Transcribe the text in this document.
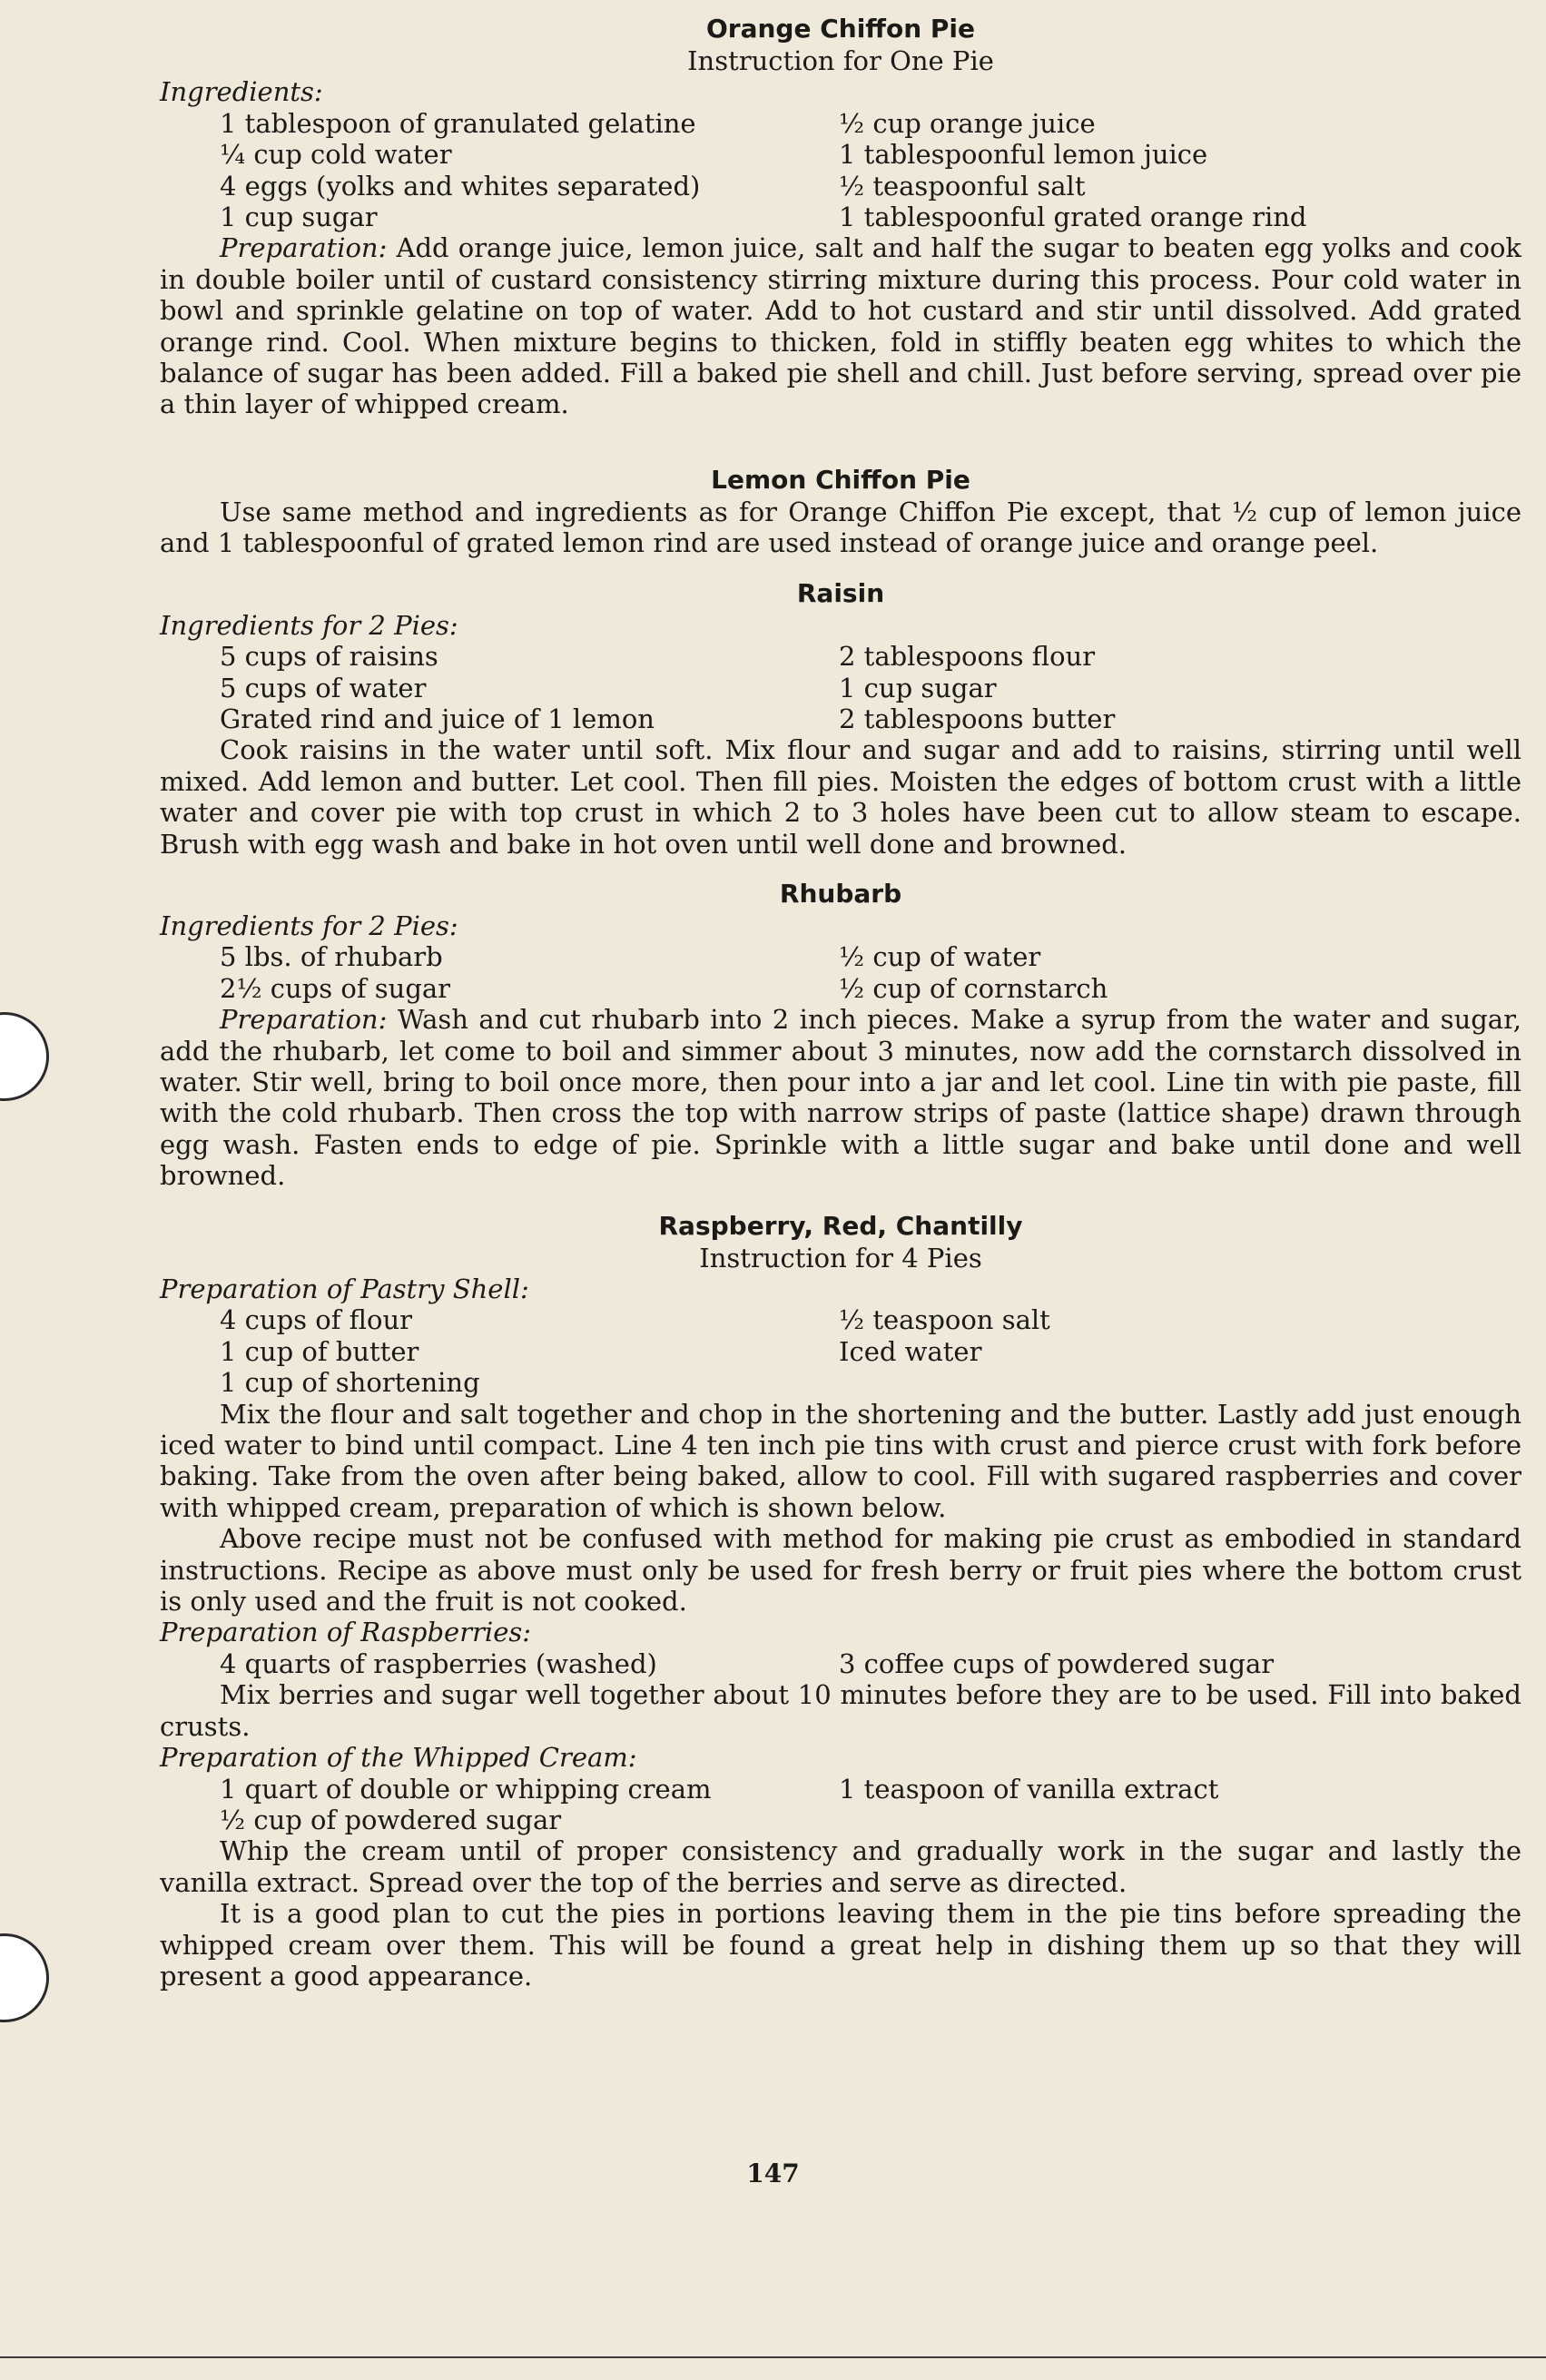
Orange Chiffon Pie
Instruction for One Pie
Ingredients:
1 tablespoon of granulated gelatine	½ cup orange juice
¼ cup cold water	1 tablespoonful lemon juice
4 eggs (yolks and whites separated)	½ teaspoonful salt
1 cup sugar	1 tablespoonful grated orange rind

Preparation: Add orange juice, lemon juice, salt and half the sugar to beaten egg yolks and cook in double boiler until of custard consistency stirring mixture during this process. Pour cold water in bowl and sprinkle gelatine on top of water. Add to hot custard and stir until dissolved. Add grated orange rind. Cool. When mixture begins to thicken, fold in stiffly beaten egg whites to which the balance of sugar has been added. Fill a baked pie shell and chill. Just before serving, spread over pie a thin layer of whipped cream.

Lemon Chiffon Pie

Use same method and ingredients as for Orange Chiffon Pie except, that ½ cup of lemon juice and 1 tablespoonful of grated lemon rind are used instead of orange juice and orange peel.

Raisin
Ingredients for 2 Pies:
5 cups of raisins	2 tablespoons flour
5 cups of water	1 cup sugar
Grated rind and juice of 1 lemon	2 tablespoons butter

Cook raisins in the water until soft. Mix flour and sugar and add to raisins, stirring until well mixed. Add lemon and butter. Let cool. Then fill pies. Moisten the edges of bottom crust with a little water and cover pie with top crust in which 2 to 3 holes have been cut to allow steam to escape. Brush with egg wash and bake in hot oven until well done and browned.

Rhubarb
Ingredients for 2 Pies:
5 lbs. of rhubarb	½ cup of water
2½ cups of sugar	½ cup of cornstarch

Preparation: Wash and cut rhubarb into 2 inch pieces. Make a syrup from the water and sugar, add the rhubarb, let come to boil and simmer about 3 minutes, now add the cornstarch dissolved in water. Stir well, bring to boil once more, then pour into a jar and let cool. Line tin with pie paste, fill with the cold rhubarb. Then cross the top with narrow strips of paste (lattice shape) drawn through egg wash. Fasten ends to edge of pie. Sprinkle with a little sugar and bake until done and well browned.

Raspberry, Red, Chantilly
Instruction for 4 Pies
Preparation of Pastry Shell:
4 cups of flour	½ teaspoon salt
1 cup of butter	Iced water
1 cup of shortening

Mix the flour and salt together and chop in the shortening and the butter. Lastly add just enough iced water to bind until compact. Line 4 ten inch pie tins with crust and pierce crust with fork before baking. Take from the oven after being baked, allow to cool. Fill with sugared raspberries and cover with whipped cream, preparation of which is shown below.

Above recipe must not be confused with method for making pie crust as embodied in standard instructions. Recipe as above must only be used for fresh berry or fruit pies where the bottom crust is only used and the fruit is not cooked.

Preparation of Raspberries:
4 quarts of raspberries (washed)	3 coffee cups of powdered sugar

Mix berries and sugar well together about 10 minutes before they are to be used. Fill into baked crusts.

Preparation of the Whipped Cream:
1 quart of double or whipping cream	1 teaspoon of vanilla extract
½ cup of powdered sugar

Whip the cream until of proper consistency and gradually work in the sugar and lastly the vanilla extract. Spread over the top of the berries and serve as directed.

It is a good plan to cut the pies in portions leaving them in the pie tins before spreading the whipped cream over them. This will be found a great help in dishing them up so that they will present a good appearance.

147
